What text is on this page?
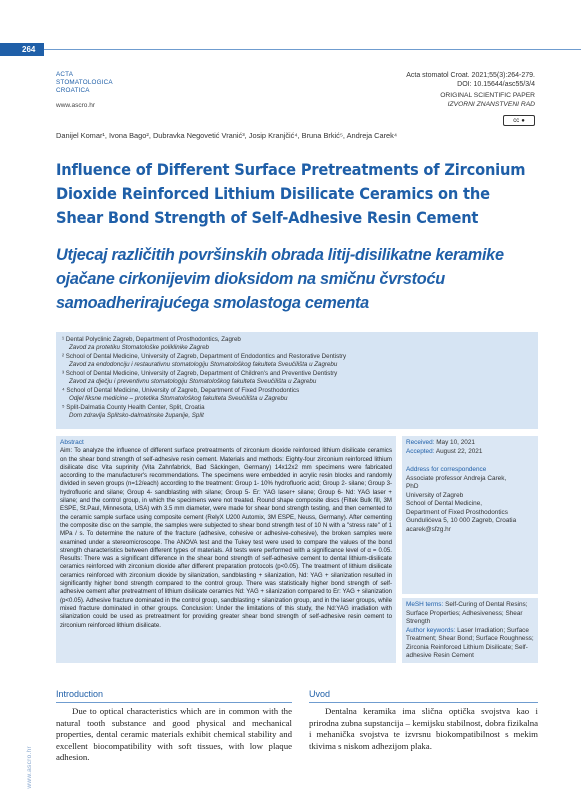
264
ACTA
STOMATOLOGICA
CROATICA
www.ascro.hr
Acta stomatol Croat. 2021;55(3):264-279.
DOI: 10.15644/asc55/3/4
ORIGINAL SCIENTIFIC PAPER
IZVORNI ZNANSTVENI RAD
cc ●
Danijel Komar¹, Ivona Bago², Dubravka Negovetić Vranić³, Josip Kranjčić⁴, Bruna Brkić⁵, Andreja Carek⁴
Influence of Different Surface Pretreatments of Zirconium Dioxide Reinforced Lithium Disilicate Ceramics on the Shear Bond Strength of Self-Adhesive Resin Cement
Utjecaj različitih površinskih obrada litij-disilikatne keramike ojačane cirkonijevim dioksidom na smičnu čvrstoću samoadherirajućega smolastoga cementa
¹ Dental Polyclinic Zagreb, Department of Prosthodontics, Zagreb
Zavod za protetiku Stomatološke poliklinike Zagreb
² School of Dental Medicine, University of Zagreb, Department of Endodontics and Restorative Dentistry
Zavod za endodonciju i restaurativnu stomatologiju Stomatološkog fakulteta Sveučilišta u Zagrebu
³ School of Dental Medicine, University of Zagreb, Department of Children's and Preventive Dentistry
Zavod za dječju i preventivnu stomatologiju Stomatološkog fakulteta Sveučilišta u Zagrebu
⁴ School of Dental Medicine, University of Zagreb, Department of Fixed Prosthodontics
Odjel fiksne medicine – protetika Stomatološkog fakulteta Sveučilišta u Zagrebu
⁵ Split-Dalmatia County Health Center, Split, Croatia
Dom zdravlja Splitsko-dalmatinske županije, Split
Abstract
Aim: To analyze the influence of different surface pretreatments of zirconium dioxide reinforced lithium disilicate ceramics on the shear bond strength of self-adhesive resin cement. Materials and methods: Eighty-four zirconium reinforced lithium disilicate disc Vita suprinity (Vita Zahnfabrick, Bad Säckingen, Germany) 14x12x2 mm specimens were fabricated according to the manufacturer's recommendations. The specimens were embedded in acrylic resin blocks and randomly divided in seven groups (n=12/each) according to the treatment: Group 1- 10% hydrofluoric acid; Group 2- silane; Group 3- hydrofluoric and silane; Group 4- sandblasting with silane; Group 5- Er: YAG laser+ silane; Group 6- Nd: YAG laser + silane; and the control group, in which the specimens were not treated. Round shape composite discs (Filtek Bulk fill, 3M ESPE, St.Paul, Minnesota, USA) with 3.5 mm diameter, were made for shear bond strength testing, and then cemented to the ceramic sample surface using composite cement (RelyX U200 Automix, 3M ESPE, Neuss, Germany). After cementing the composite disc on the sample, the samples were subjected to shear bond strength test of 10 N with a "stress rate" of 1 MPa / s. To determine the nature of the fracture (adhesive, cohesive or adhesive-cohesive), the broken samples were examined under a stereomicroscope. The ANOVA test and the Tukey test were used to compare the values of the bond strength characteristics between different types of materials. All tests were performed with a significance level of α = 0.05. Results: There was a significant difference in the shear bond strength of self-adhesive cement to dental lithium-disilicate ceramics reinforced with zirconium dioxide after different preparation protocols (p<0.05). The treatment of lithium disilicate ceramics reinforced with zirconium dioxide by silanization, sandblasting + silanization, Nd: YAG + silanization resulted in significantly higher bond strength compared to the control group. There was statistically higher bond strength of self-adhesive cement after pretreatment of lithium disilicate ceramics Nd: YAG + silanization compared to Er: YAG + silanization (p<0.05). Adhesive fracture dominated in the control group, sandblasting + silanization group, and in the laser groups, while mixed fracture dominated in other groups. Conclusion: Under the limitations of this study, the Nd:YAG irradiation with silanization could be used as pretreatment for providing greater shear bond strength of self-adhesive resin cement to zirconium reinforced lithium disilicate.
Received: May 10, 2021
Accepted: August 22, 2021
Address for correspondence
Associate professor Andreja Carek,
PhD
University of Zagreb
School of Dental Medicine,
Department of Fixed Prosthodontics
Gundulićeva 5, 10 000 Zagreb, Croatia
acarek@sfzg.hr
MeSH terms: Self-Curing of Dental Resins; Surface Properties; Adhesiveness; Shear Strength
Author keywords: Laser Irradiation; Surface Treatment; Shear Bond; Surface Roughness; Zirconia Reinforced Lithium Disilicate; Self-adhesive Resin Cement
Introduction
Due to optical characteristics which are in common with the natural tooth substance and good physical and mechanical properties, dental ceramic materials exhibit chemical stability and excellent biocompatibility with soft tissues, with low plaque adhesion.
Uvod
Dentalna keramika ima slična optička svojstva kao i prirodna zubna supstancija – kemijsku stabilnost, dobra fizikalna i mehanička svojstva te izvrsnu biokompatibilnost s mekim tkivima s niskom adhezijom plaka.
www.ascro.hr
